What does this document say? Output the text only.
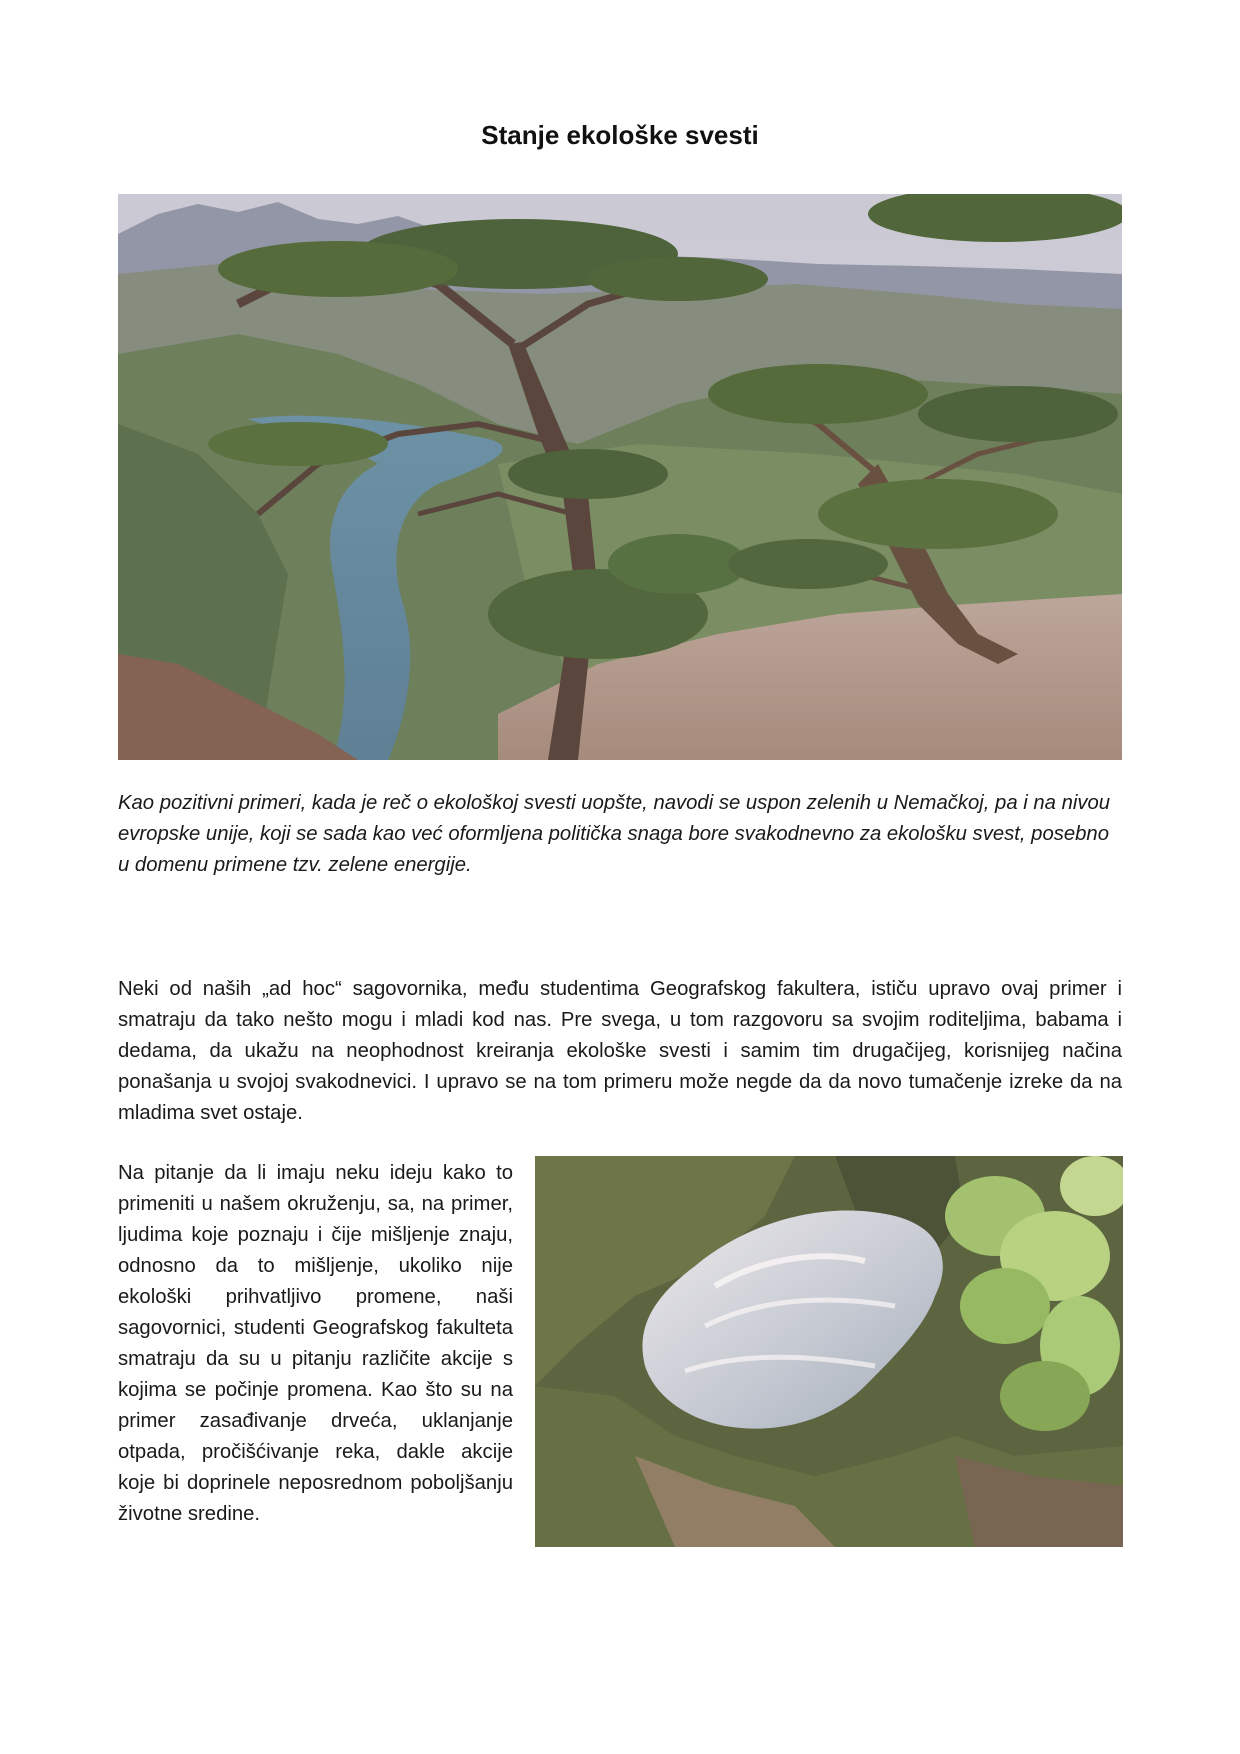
Stanje ekološke svesti
Kao pozitivni primeri, kada je reč o ekološkoj svesti uopšte, navodi se uspon zelenih u Nemačkoj, pa i na nivou evropske unije, koji se sada kao već oformljena politička snaga bore svakodnevno za ekološku svest, posebno u domenu primene tzv. zelene energije.
Neki od naših „ad hoc“ sagovornika, među studentima Geografskog fakultera, ističu upravo ovaj primer i smatraju da tako nešto mogu i mladi kod nas. Pre svega, u tom razgovoru sa svojim roditeljima, babama i dedama, da ukažu na neophodnost kreiranja ekološke svesti i samim tim drugačijeg, korisnijeg načina ponašanja u svojoj svakodnevici. I upravo se na tom primeru može negde da da novo tumačenje izreke da na mladima svet ostaje.
Na pitanje da li imaju neku ideju kako to primeniti u našem okruženju, sa, na primer, ljudima koje poznaju i čije mišljenje znaju, odnosno da to mišljenje, ukoliko nije ekološki prihvatljivo promene, naši sagovornici, studenti Geografskog fakulteta smatraju da su u pitanju različite akcije s kojima se počinje promena. Kao što su na primer zasađivanje drveća, uklanjanje otpada, pročišćivanje reka, dakle akcije koje bi doprinele neposrednom poboljšanju životne sredine.
